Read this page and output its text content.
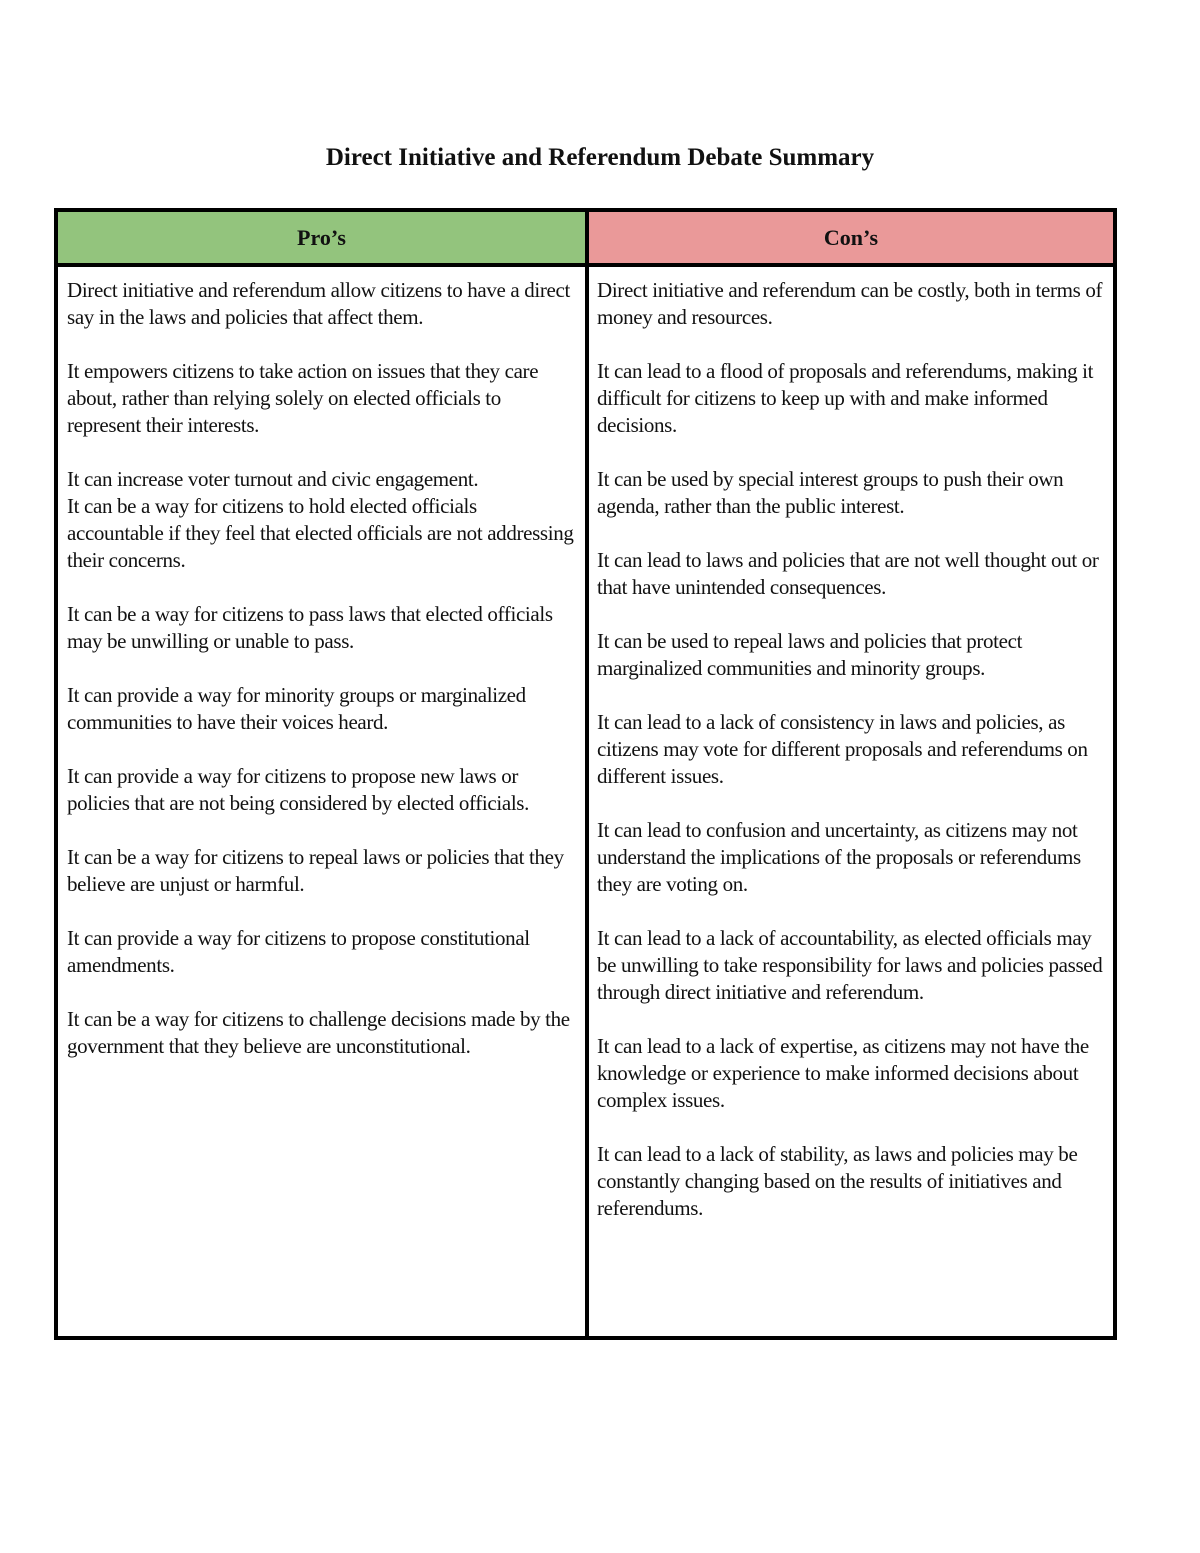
Direct Initiative and Referendum Debate Summary
Pro’s	Con’s

Direct initiative and referendum allow citizens to have a direct say in the laws and policies that affect them.

It empowers citizens to take action on issues that they care about, rather than relying solely on elected officials to represent their interests.

It can increase voter turnout and civic engagement.

It can be a way for citizens to hold elected officials accountable if they feel that elected officials are not addressing their concerns.

It can be a way for citizens to pass laws that elected officials may be unwilling or unable to pass.

It can provide a way for minority groups or marginalized communities to have their voices heard.

It can provide a way for citizens to propose new laws or policies that are not being considered by elected officials.

It can be a way for citizens to repeal laws or policies that they believe are unjust or harmful.

It can provide a way for citizens to propose constitutional amendments.

It can be a way for citizens to challenge decisions made by the government that they believe are unconstitutional.

Direct initiative and referendum can be costly, both in terms of money and resources.

It can lead to a flood of proposals and referendums, making it difficult for citizens to keep up with and make informed decisions.

It can be used by special interest groups to push their own agenda, rather than the public interest.

It can lead to laws and policies that are not well thought out or that have unintended consequences.

It can be used to repeal laws and policies that protect marginalized communities and minority groups.

It can lead to a lack of consistency in laws and policies, as citizens may vote for different proposals and referendums on different issues.

It can lead to confusion and uncertainty, as citizens may not understand the implications of the proposals or referendums they are voting on.

It can lead to a lack of accountability, as elected officials may be unwilling to take responsibility for laws and policies passed through direct initiative and referendum.

It can lead to a lack of expertise, as citizens may not have the knowledge or experience to make informed decisions about complex issues.

It can lead to a lack of stability, as laws and policies may be constantly changing based on the results of initiatives and referendums.
